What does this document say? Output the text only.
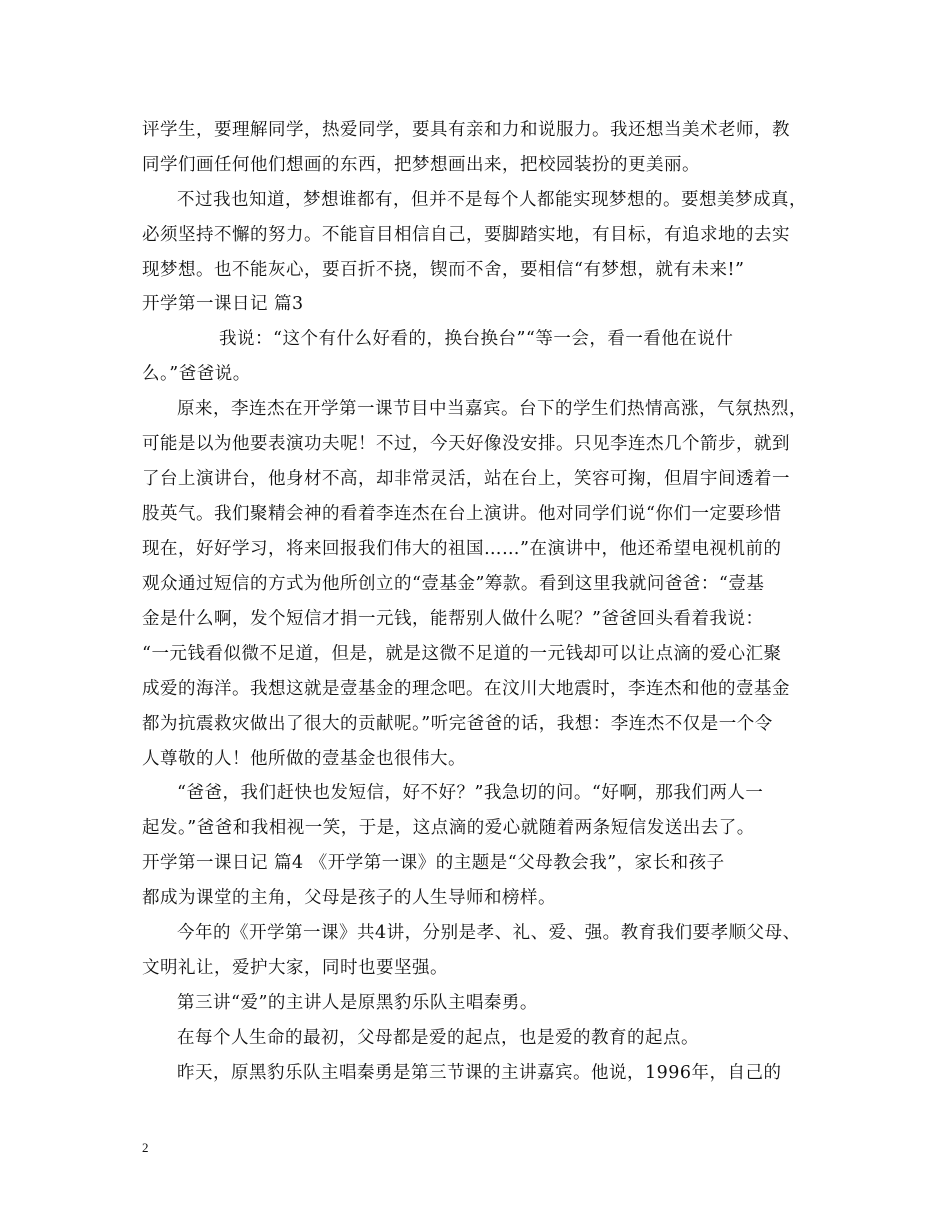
评学生，要理解同学，热爱同学，要具有亲和力和说服力。我还想当美术老师，教
同学们画任何他们想画的东西，把梦想画出来，把校园装扮的更美丽。
不过我也知道，梦想谁都有，但并不是每个人都能实现梦想的。要想美梦成真，
必须坚持不懈的努力。不能盲目相信自己，要脚踏实地，有目标，有追求地的去实
现梦想。也不能灰心，要百折不挠，锲而不舍，要相信“有梦想，就有未来!”
开学第一课日记 篇3
我说：“这个有什么好看的，换台换台”“等一会，看一看他在说什
么。”爸爸说。
原来，李连杰在开学第一课节目中当嘉宾。台下的学生们热情高涨，气氛热烈，
可能是以为他要表演功夫呢！不过，今天好像没安排。只见李连杰几个箭步，就到
了台上演讲台，他身材不高，却非常灵活，站在台上，笑容可掬，但眉宇间透着一
股英气。我们聚精会神的看着李连杰在台上演讲。他对同学们说“你们一定要珍惜
现在，好好学习，将来回报我们伟大的祖国……”在演讲中，他还希望电视机前的
观众通过短信的方式为他所创立的“壹基金”筹款。看到这里我就问爸爸：“壹基
金是什么啊，发个短信才捐一元钱，能帮别人做什么呢？”爸爸回头看着我说：
“一元钱看似微不足道，但是，就是这微不足道的一元钱却可以让点滴的爱心汇聚
成爱的海洋。我想这就是壹基金的理念吧。在汶川大地震时，李连杰和他的壹基金
都为抗震救灾做出了很大的贡献呢。”听完爸爸的话，我想：李连杰不仅是一个令
人尊敬的人！他所做的壹基金也很伟大。
“爸爸，我们赶快也发短信，好不好？”我急切的问。“好啊，那我们两人一
起发。”爸爸和我相视一笑，于是，这点滴的爱心就随着两条短信发送出去了。
开学第一课日记 篇4 《开学第一课》的主题是“父母教会我”，家长和孩子
都成为课堂的主角，父母是孩子的人生导师和榜样。
今年的《开学第一课》共4讲，分别是孝、礼、爱、强。教育我们要孝顺父母、
文明礼让，爱护大家，同时也要坚强。
第三讲“爱”的主讲人是原黑豹乐队主唱秦勇。
在每个人生命的最初，父母都是爱的起点，也是爱的教育的起点。
昨天，原黑豹乐队主唱秦勇是第三节课的主讲嘉宾。他说，1996年，自己的
2
